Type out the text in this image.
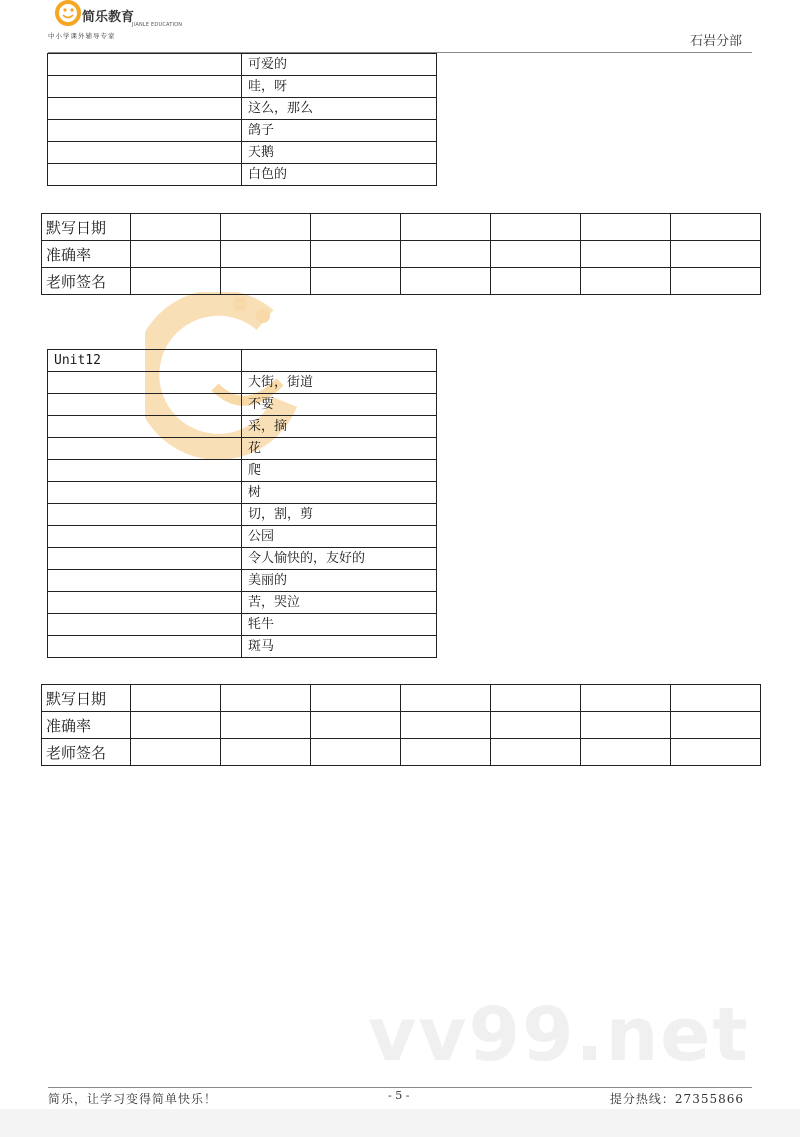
简乐教育
JIANLE EDUCATION
中小学课外辅导专家	石岩分部
	可爱的
	哇，呀
	这么，那么
	鸽子
	天鹅
	白色的
默写日期							
准确率							
老师签名							
Unit12	
	大街，街道
	不要
	采，摘
	花
	爬
	树
	切，割，剪
	公园
	令人愉快的，友好的
	美丽的
	苦，哭泣
	牦牛
	斑马
默写日期							
准确率							
老师签名							
vv99.net
简乐，让学习变得简单快乐！	- 5 -	提分热线：27355866
